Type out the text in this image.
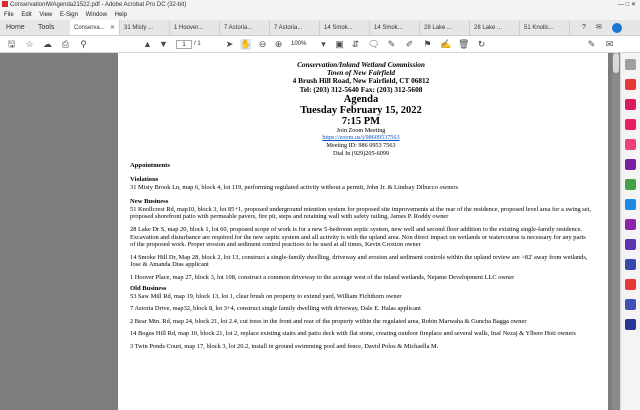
ConservationIWAgenda21522.pdf - Adobe Acrobat Pro DC (32-bit)	— □ ✕
File Edit View E-Sign Window Help
Home	Tools	Conserva... ✕	31 Misty ...	1 Hoover...	7 Astoria...	7 Astoria...	14 Smok...	14 Smok...	28 Lake ...	28 Lake ...	51 Knollc...	? ✉
🖫 ☆ ☁ ⎙ ⚲	▲ ▼	1	/ 1	➤ ✋ ⊖ ⊕ 100%	▾	▣ ⇵ 🗨 ✎ ✐ ⚑ ✍ 🗑 ↻	✎ ✉
Conservation/Inland Wetland Commission
Town of New Fairfield
4 Brush Hill Road, New Fairfield, CT 06812
Tel: (203) 312-5640 Fax: (203) 312-5608
Agenda
Tuesday February 15, 2022
7:15 PM
Join Zoom Meeting
https://zoom.us/j/98609537563
Meeting ID: 986 0953 7563
Dial In (929)205-6099
Appointments
Violations
31 Misty Brook Ln, map 6, block 4, lot 119, performing regulated activity without a permit, John Jr. & Lindsay Dibucco owners
New Business
51 Knollcrest Rd, map10, block 3, lot 85+1, proposed underground retention system for proposed site improvements at the rear of the residence, proposed level area for a swing set, proposed shorefront patio with permeable pavers, fire pit, steps and retaining wall with safety railing, James P. Roddy owner
28 Lake Dr S, map 20, block 1, lot 60, proposed scope of work is for a new 5-bedroom septic system, new well and second floor addition to the existing single-family residence. Excavation and disturbance are required for the new septic system and all activity is with the upland area. Non direct impact on wetlands or watercourse is necessary for any parts of the proposed work. Proper erosion and sediment control practices to be used at all times, Kevin Croxton owner
14 Smoke Hill Dr, Map 28, block 2, lot 13, construct a single-family dwelling, driveway and erosion and sediment controls within the upland review are >82' away from wetlands, Jose & Amanda Dias applicant
1 Hoover Place, map 27, block 3, lot 108, construct a common driveway to the acreage west of the inland wetlands, Nejame Development LLC owner
Old Business
53 Saw Mill Rd, map 19, block 13, lot 1, clear brush on property to extend yard, William Fichthorn owner
7 Astoria Drive, map32, block 8, lot 3+4, construct single family dwelling with driveway, Dale E. Halas applicant
2 Bear Mtn. Rd, map 24, block 21, lot 2.4, cut trees in the front and rear of the property within the regulated area, Robin Marwaha & Guncha Bagga owner
14 Bogus Hill Rd, map 10, block 21, lot 2, replace existing stairs and patio deck with flat stone, creating outdoor fireplace and several walls, Inaf Nezaj & Ylbere Hoti owners
3 Twin Ponds Court, map 17, block 3, lot 20.2, install in ground swimming pool and fence, David Polos & Michaella M.
